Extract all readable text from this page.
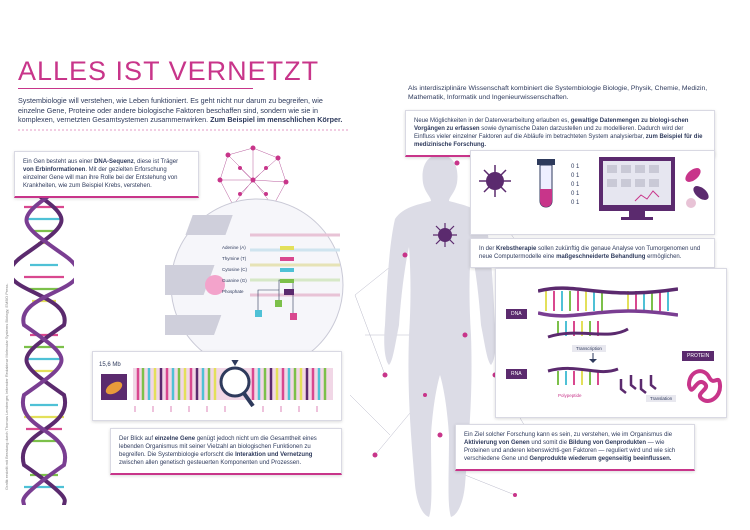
ALLES IST VERNETZT
Systembiologie will verstehen, wie Leben funktioniert. Es geht nicht nur darum zu begreifen, wie einzelne Gene, Proteine oder andere biologische Faktoren beschaffen sind, sondern wie sie in komplexen, vernetzten Gesamtsystemen zusammenwirken. Zum Beispiel im menschlichen Körper.
Als interdisziplinäre Wissenschaft kombiniert die Systembiologie Biologie, Physik, Chemie, Medizin, Mathematik, Informatik und Ingenieurwissenschaften.
Grafik erstellt mit Beratung durch Thomas Lemberger, leitender Redakteur Molecular Systems Biology, EMBO Press.
Ein Gen besteht aus einer DNA-Sequenz, diese ist Träger von Erbinformationen. Mit der gezielten Erforschung einzelner Gene will man ihre Rolle bei der Entstehung von Krankheiten, wie zum Beispiel Krebs, verstehen.
Adenine (A)
Thymine (T)
Cytosine (C)
Guanine (G)
Phosphate
15,6 Mb
Der Blick auf einzelne Gene genügt jedoch nicht um die Gesamtheit eines lebenden Organismus mit seiner Vielzahl an biologischen Funktionen zu begreifen. Die Systembiologie erforscht die Interaktion und Vernetzung zwischen allen genetisch gesteuerten Komponenten und Prozessen.
Neue Möglichkeiten in der Datenverarbeitung erlauben es, gewaltige Datenmengen zu biologi-schen Vorgängen zu erfassen sowie dynamische Daten darzustellen und zu modellieren. Dadurch wird der Einfluss vieler einzelner Faktoren auf die Abläufe im betrachteten System analysierbar, zum Beispiel für die medizinische Forschung.
0 1
0 1
0 1
0 1
0 1
In der Krebstherapie sollen zukünftig die genaue Analyse von Tumorgenomen und neue Computermodelle eine maßgeschneiderte Behandlung ermöglichen.
DNA
RNA
Transcription
Polypeptide
Translation
PROTEIN
Ein Ziel solcher Forschung kann es sein, zu verstehen, wie im Organismus die Aktivierung von Genen und somit die Bildung von Genprodukten — wie Proteinen und anderen lebenswichti-gen Faktoren — reguliert wird und wie sich verschiedene Gene und Genprodukte wiederum gegenseitig beeinflussen.
